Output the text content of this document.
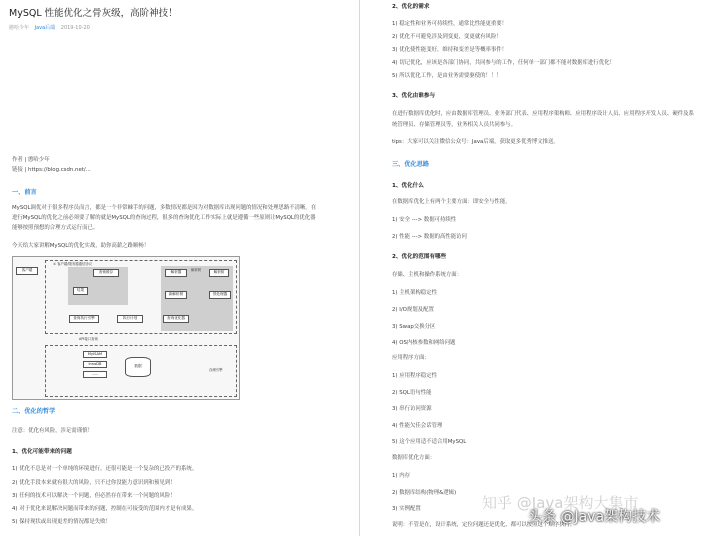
MySQL 性能优化之骨灰级，高阶神技！
憨哈少年 Java后端 2019-10-20
作者 | 憨哈少年
链接 | https://blog.csdn.net/...
一、前言
MySQL调优对于很多程序员而言，都是一个非常棘手的问题，多数情况都是因为对数据库出现问题的情况和处理思路不清晰。在
进行MySQL的优化之前必须要了解的就是MySQL的查询过程，很多的查询优化工作实际上就是遵循一些原则让MySQL的优化器
能够按照预想的合理方式运行而已。
今天给大家讲解MySQL的优化实战，助你高薪之路顺畅！
客户端
① 客户端/服务器通信协议
查询缓存
结果
解析器	解析树	解析树
预处理器
新解析树
查询优化器
查询执行引擎	执行计划
API接口查询
MyISAM
InnoDB
......
数据
存储引擎
二、优化的哲学
注意：优化有风险，涉足需谨慎！
1、优化可能带来的问题
1) 优化不总是对一个单纯的环境进行，还很可能是一个复杂的已投产的系统。
2) 优化手段本来就有很大的风险，只不过你没能力意识到和预见到！
3) 任何的技术可以解决一个问题，但必然存在带来一个问题的风险！
4) 对于优化来说解决问题而带来的问题，控制在可接受的范围内才是有成果。
5) 保持现状或出现更差的情况都是失败！
2、优化的需求
1) 稳定性和业务可持续性，通常比性能更重要！
2) 优化不可避免涉及到变更，变更就有风险！
3) 优化使性能变好，维持和变差是等概率事件！
4) 切记优化，应该是各部门协同，共同参与的工作，任何单一部门都不能对数据库进行优化！
5) 所以优化工作，是由业务需要驱使的！！！
3、优化由谁参与
在进行数据库优化时，应由数据库管理员、业务部门代表、应用程序架构师、应用程序设计人员、应用程序开发人员、硬件及系
统管理员、存储管理员等，业务相关人员共同参与。
tips：大家可以关注微信公众号：Java后端，获取更多优秀博文推送。
三、优化思路
1、优化什么
在数据库优化上有两个主要方面：即安全与性能。
1) 安全 ---> 数据可持续性
2) 性能 ---> 数据的高性能访问
2、优化的范围有哪些
存储、主机和操作系统方面：
1) 主机架构稳定性
2) I/O规划及配置
3) Swap交换分区
4) OS内核参数和网络问题
应用程序方面：
1) 应用程序稳定性
2) SQL语句性能
3) 串行访问资源
4) 性能欠佳会话管理
5) 这个应用适不适合用MySQL
数据库优化方面：
1) 内存
2) 数据库结构(物理&逻辑)
3) 实例配置
说明：不管是在，设计系统，定位问题还是优化，都可以按照这个顺序执行。
知乎 @Java架构大集市
头条 @Java架构技术
